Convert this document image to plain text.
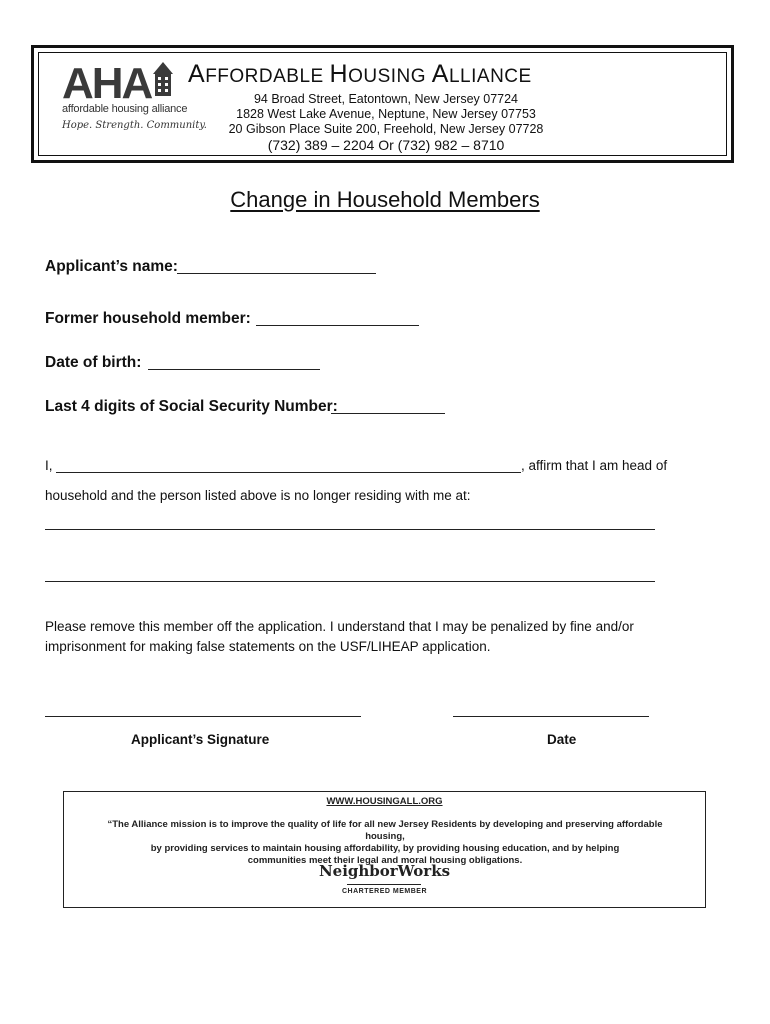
AHA
affordable housing alliance
Hope. Strength. Community.
AFFORDABLE HOUSING ALLIANCE
94 Broad Street, Eatontown, New Jersey 07724
1828 West Lake Avenue, Neptune, New Jersey 07753
20 Gibson Place Suite 200, Freehold, New Jersey 07728
(732) 389 – 2204 Or (732) 982 – 8710
Change in Household Members
Applicant’s name:
Former household member:
Date of birth:
Last 4 digits of Social Security Number:
I,	, affirm that I am head of
household and the person listed above is no longer residing with me at:
Please remove this member off the application. I understand that I may be penalized by fine and/or
imprisonment for making false statements on the USF/LIHEAP application.
Applicant’s Signature	Date
WWW.HOUSINGALL.ORG
“The Alliance mission is to improve the quality of life for all new Jersey Residents by developing and preserving affordable housing,
by providing services to maintain housing affordability, by providing housing education, and by helping
communities meet their legal and moral housing obligations.
NeighborWorks
CHARTERED MEMBER
